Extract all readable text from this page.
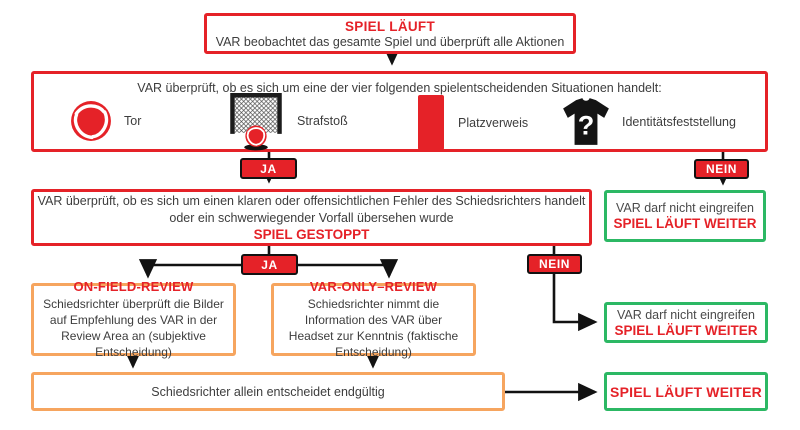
SPIEL LÄUFT
VAR beobachtet das gesamte Spiel und überprüft alle Aktionen
VAR überprüft, ob es sich um eine der vier folgenden spielentscheidenden Situationen handelt:
Tor	Strafstoß	Platzverweis ? Identitätsfeststellung
JA	NEIN
VAR überprüft, ob es sich um einen klaren oder offensichtlichen Fehler des Schiedsrichters handelt
oder ein schwerwiegender Vorfall übersehen wurde
SPIEL GESTOPPT
VAR darf nicht eingreifen
SPIEL LÄUFT WEITER
JA	NEIN
ON-FIELD-REVIEW
Schiedsrichter überprüft die Bilder auf Empfehlung des VAR in der Review Area an (subjektive Entscheidung)
VAR-ONLY–REVIEW
Schiedsrichter nimmt die Information des VAR über Headset zur Kenntnis (faktische Entscheidung)
VAR darf nicht eingreifen
SPIEL LÄUFT WEITER
Schiedsrichter allein entscheidet endgültig	SPIEL LÄUFT WEITER
